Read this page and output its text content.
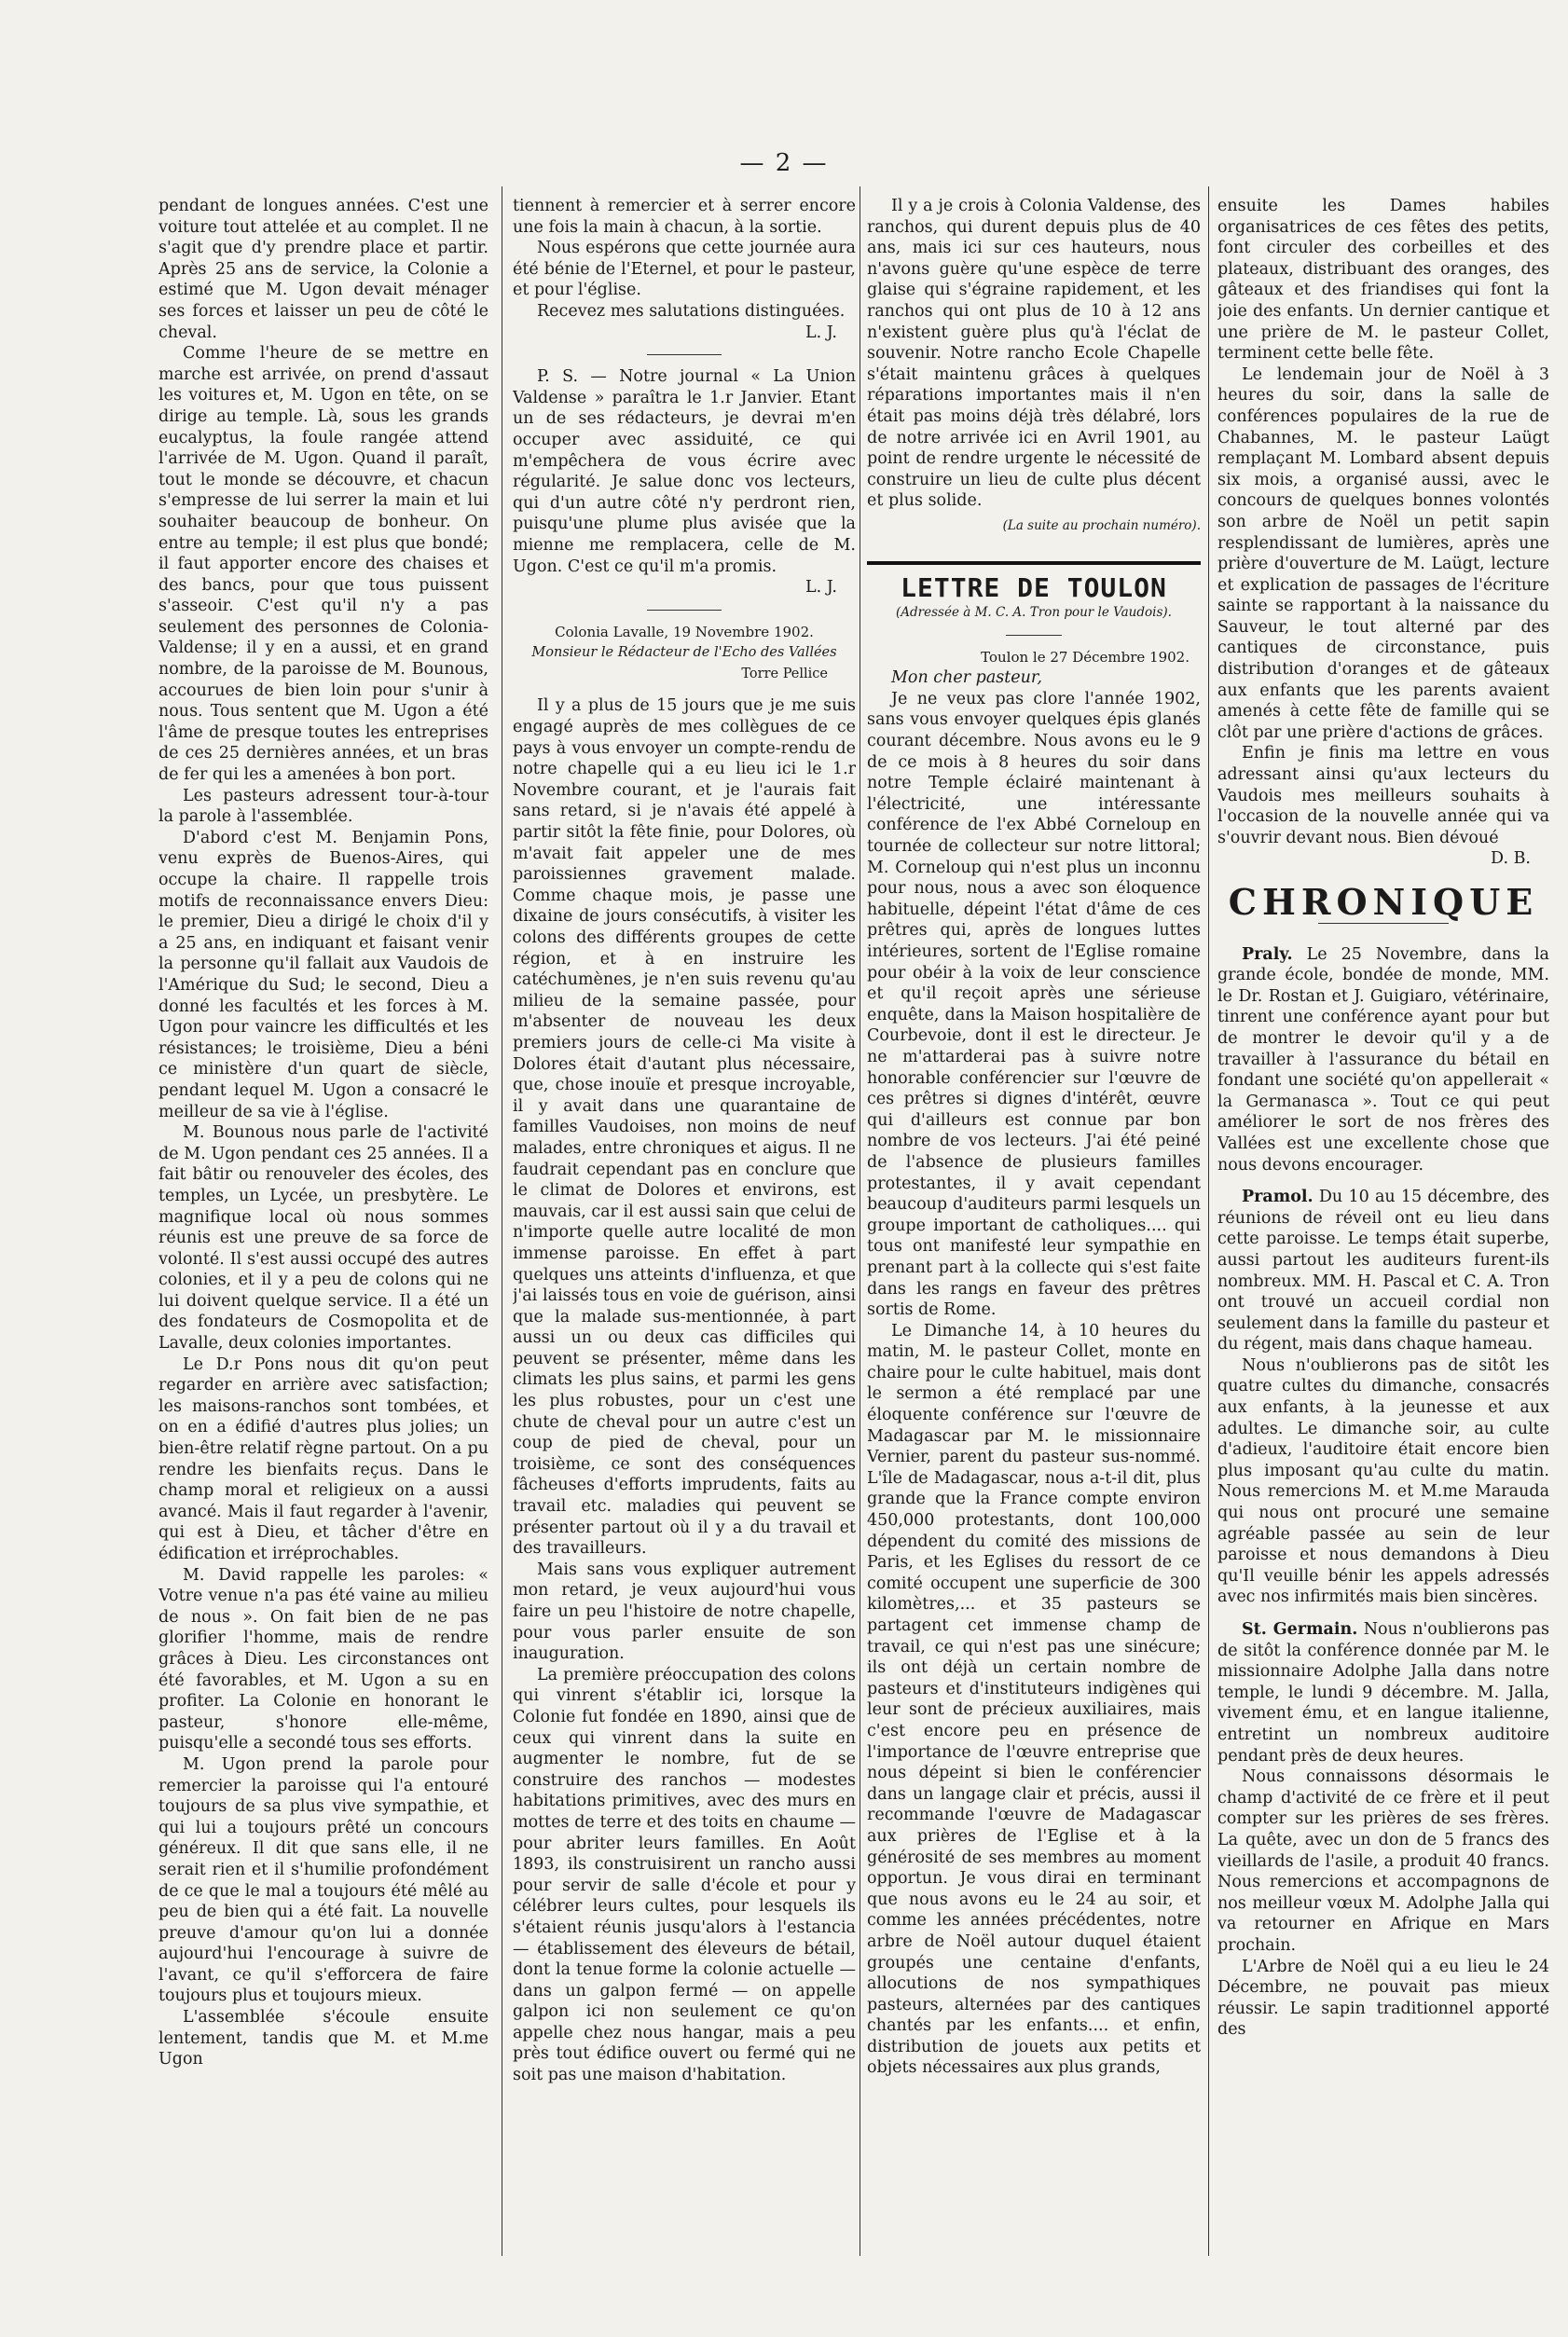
— 2 —

pendant de longues années. C'est une voiture tout attelée et au complet. Il ne s'agit que d'y prendre place et partir. Après 25 ans de service, la Colonie a estimé que M. Ugon devait ménager ses forces et laisser un peu de côté le cheval.

Comme l'heure de se mettre en marche est arrivée, on prend d'assaut les voitures et, M. Ugon en tête, on se dirige au temple. Là, sous les grands eucalyptus, la foule rangée attend l'arrivée de M. Ugon. Quand il paraît, tout le monde se découvre, et chacun s'empresse de lui serrer la main et lui souhaiter beaucoup de bonheur. On entre au temple; il est plus que bondé; il faut apporter encore des chaises et des bancs, pour que tous puissent s'asseoir. C'est qu'il n'y a pas seulement des personnes de Colonia-Valdense; il y en a aussi, et en grand nombre, de la paroisse de M. Bounous, accourues de bien loin pour s'unir à nous. Tous sentent que M. Ugon a été l'âme de presque toutes les entreprises de ces 25 dernières années, et un bras de fer qui les a amenées à bon port.

Les pasteurs adressent tour-à-tour la parole à l'assemblée.

D'abord c'est M. Benjamin Pons, venu exprès de Buenos-Aires, qui occupe la chaire. Il rappelle trois motifs de reconnaissance envers Dieu: le premier, Dieu a dirigé le choix d'il y a 25 ans, en indiquant et faisant venir la personne qu'il fallait aux Vaudois de l'Amérique du Sud; le second, Dieu a donné les facultés et les forces à M. Ugon pour vaincre les difficultés et les résistances; le troisième, Dieu a béni ce ministère d'un quart de siècle, pendant lequel M. Ugon a consacré le meilleur de sa vie à l'église.

M. Bounous nous parle de l'activité de M. Ugon pendant ces 25 années. Il a fait bâtir ou renouveler des écoles, des temples, un Lycée, un presbytère. Le magnifique local où nous sommes réunis est une preuve de sa force de volonté. Il s'est aussi occupé des autres colonies, et il y a peu de colons qui ne lui doivent quelque service. Il a été un des fondateurs de Cosmopolita et de Lavalle, deux colonies importantes.

Le D.r Pons nous dit qu'on peut regarder en arrière avec satisfaction; les maisons-ranchos sont tombées, et on en a édifié d'autres plus jolies; un bien-être relatif règne partout. On a pu rendre les bienfaits reçus. Dans le champ moral et religieux on a aussi avancé. Mais il faut regarder à l'avenir, qui est à Dieu, et tâcher d'être en édification et irréprochables.

M. David rappelle les paroles: « Votre venue n'a pas été vaine au milieu de nous ». On fait bien de ne pas glorifier l'homme, mais de rendre grâces à Dieu. Les circonstances ont été favorables, et M. Ugon a su en profiter. La Colonie en honorant le pasteur, s'honore elle-même, puisqu'elle a secondé tous ses efforts.

M. Ugon prend la parole pour remercier la paroisse qui l'a entouré toujours de sa plus vive sympathie, et qui lui a toujours prêté un concours généreux. Il dit que sans elle, il ne serait rien et il s'humilie profondément de ce que le mal a toujours été mêlé au peu de bien qui a été fait. La nouvelle preuve d'amour qu'on lui a donnée aujourd'hui l'encourage à suivre de l'avant, ce qu'il s'efforcera de faire toujours plus et toujours mieux.

L'assemblée s'écoule ensuite lentement, tandis que M. et M.me Ugon

tiennent à remercier et à serrer encore une fois la main à chacun, à la sortie.

Nous espérons que cette journée aura été bénie de l'Eternel, et pour le pasteur, et pour l'église.

Recevez mes salutations distinguées.

L. J.

P. S. — Notre journal « La Union Valdense » paraîtra le 1.r Janvier. Etant un de ses rédacteurs, je devrai m'en occuper avec assiduité, ce qui m'empêchera de vous écrire avec régularité. Je salue donc vos lecteurs, qui d'un autre côté n'y perdront rien, puisqu'une plume plus avisée que la mienne me remplacera, celle de M. Ugon. C'est ce qu'il m'a promis.

L. J.
Colonia Lavalle, 19 Novembre 1902.
Monsieur le Rédacteur de l'Echo des Vallées
Torre Pellice

Il y a plus de 15 jours que je me suis engagé auprès de mes collègues de ce pays à vous envoyer un compte-rendu de notre chapelle qui a eu lieu ici le 1.r Novembre courant, et je l'aurais fait sans retard, si je n'avais été appelé à partir sitôt la fête finie, pour Dolores, où m'avait fait appeler une de mes paroissiennes gravement malade. Comme chaque mois, je passe une dixaine de jours consécutifs, à visiter les colons des différents groupes de cette région, et à en instruire les catéchumènes, je n'en suis revenu qu'au milieu de la semaine passée, pour m'absenter de nouveau les deux premiers jours de celle-ci Ma visite à Dolores était d'autant plus nécessaire, que, chose inouïe et presque incroyable, il y avait dans une quarantaine de familles Vaudoises, non moins de neuf malades, entre chroniques et aigus. Il ne faudrait cependant pas en conclure que le climat de Dolores et environs, est mauvais, car il est aussi sain que celui de n'importe quelle autre localité de mon immense paroisse. En effet à part quelques uns atteints d'influenza, et que j'ai laissés tous en voie de guérison, ainsi que la malade sus-mentionnée, à part aussi un ou deux cas difficiles qui peuvent se présenter, même dans les climats les plus sains, et parmi les gens les plus robustes, pour un c'est une chute de cheval pour un autre c'est un coup de pied de cheval, pour un troisième, ce sont des conséquences fâcheuses d'efforts imprudents, faits au travail etc. maladies qui peuvent se présenter partout où il y a du travail et des travailleurs.

Mais sans vous expliquer autrement mon retard, je veux aujourd'hui vous faire un peu l'histoire de notre chapelle, pour vous parler ensuite de son inauguration.

La première préoccupation des colons qui vinrent s'établir ici, lorsque la Colonie fut fondée en 1890, ainsi que de ceux qui vinrent dans la suite en augmenter le nombre, fut de se construire des ranchos — modestes habitations primitives, avec des murs en mottes de terre et des toits en chaume — pour abriter leurs familles. En Août 1893, ils construisirent un rancho aussi pour servir de salle d'école et pour y célébrer leurs cultes, pour lesquels ils s'étaient réunis jusqu'alors à l'estancia — établissement des éleveurs de bétail, dont la tenue forme la colonie actuelle — dans un galpon fermé — on appelle galpon ici non seulement ce qu'on appelle chez nous hangar, mais a peu près tout édifice ouvert ou fermé qui ne soit pas une maison d'habitation.

Il y a je crois à Colonia Valdense, des ranchos, qui durent depuis plus de 40 ans, mais ici sur ces hauteurs, nous n'avons guère qu'une espèce de terre glaise qui s'égraine rapidement, et les ranchos qui ont plus de 10 à 12 ans n'existent guère plus qu'à l'éclat de souvenir. Notre rancho Ecole Chapelle s'était maintenu grâces à quelques réparations importantes mais il n'en était pas moins déjà très délabré, lors de notre arrivée ici en Avril 1901, au point de rendre urgente le nécessité de construire un lieu de culte plus décent et plus solide.

(La suite au prochain numéro).
LETTRE DE TOULON
(Adressée à M. C. A. Tron pour le Vaudois).
Toulon le 27 Décembre 1902.

Mon cher pasteur,

Je ne veux pas clore l'année 1902, sans vous envoyer quelques épis glanés courant décembre. Nous avons eu le 9 de ce mois à 8 heures du soir dans notre Temple éclairé maintenant à l'électricité, une intéressante conférence de l'ex Abbé Corneloup en tournée de collecteur sur notre littoral; M. Corneloup qui n'est plus un inconnu pour nous, nous a avec son éloquence habituelle, dépeint l'état d'âme de ces prêtres qui, après de longues luttes intérieures, sortent de l'Eglise romaine pour obéir à la voix de leur conscience et qu'il reçoit après une sérieuse enquête, dans la Maison hospitalière de Courbevoie, dont il est le directeur. Je ne m'attarderai pas à suivre notre honorable conférencier sur l'œuvre de ces prêtres si dignes d'intérêt, œuvre qui d'ailleurs est connue par bon nombre de vos lecteurs. J'ai été peiné de l'absence de plusieurs familles protestantes, il y avait cependant beaucoup d'auditeurs parmi lesquels un groupe important de catholiques.... qui tous ont manifesté leur sympathie en prenant part à la collecte qui s'est faite dans les rangs en faveur des prêtres sortis de Rome.

Le Dimanche 14, à 10 heures du matin, M. le pasteur Collet, monte en chaire pour le culte habituel, mais dont le sermon a été remplacé par une éloquente conférence sur l'œuvre de Madagascar par M. le missionnaire Vernier, parent du pasteur sus-nommé. L'île de Madagascar, nous a-t-il dit, plus grande que la France compte environ 450,000 protestants, dont 100,000 dépendent du comité des missions de Paris, et les Eglises du ressort de ce comité occupent une superficie de 300 kilomètres,... et 35 pasteurs se partagent cet immense champ de travail, ce qui n'est pas une sinécure; ils ont déjà un certain nombre de pasteurs et d'instituteurs indigènes qui leur sont de précieux auxiliaires, mais c'est encore peu en présence de l'importance de l'œuvre entreprise que nous dépeint si bien le conférencier dans un langage clair et précis, aussi il recommande l'œuvre de Madagascar aux prières de l'Eglise et à la générosité de ses membres au moment opportun. Je vous dirai en terminant que nous avons eu le 24 au soir, et comme les années précédentes, notre arbre de Noël autour duquel étaient groupés une centaine d'enfants, allocutions de nos sympathiques pasteurs, alternées par des cantiques chantés par les enfants.... et enfin, distribution de jouets aux petits et objets nécessaires aux plus grands,

ensuite les Dames habiles organisatrices de ces fêtes des petits, font circuler des corbeilles et des plateaux, distribuant des oranges, des gâteaux et des friandises qui font la joie des enfants. Un dernier cantique et une prière de M. le pasteur Collet, terminent cette belle fête.

Le lendemain jour de Noël à 3 heures du soir, dans la salle de conférences populaires de la rue de Chabannes, M. le pasteur Laügt remplaçant M. Lombard absent depuis six mois, a organisé aussi, avec le concours de quelques bonnes volontés son arbre de Noël un petit sapin resplendissant de lumières, après une prière d'ouverture de M. Laügt, lecture et explication de passages de l'écriture sainte se rapportant à la naissance du Sauveur, le tout alterné par des cantiques de circonstance, puis distribution d'oranges et de gâteaux aux enfants que les parents avaient amenés à cette fête de famille qui se clôt par une prière d'actions de grâces.

Enfin je finis ma lettre en vous adressant ainsi qu'aux lecteurs du Vaudois mes meilleurs souhaits à l'occasion de la nouvelle année qui va s'ouvrir devant nous. Bien dévoué

D. B.
CHRONIQUE

Praly. Le 25 Novembre, dans la grande école, bondée de monde, MM. le Dr. Rostan et J. Guigiaro, vétérinaire, tinrent une conférence ayant pour but de montrer le devoir qu'il y a de travailler à l'assurance du bétail en fondant une société qu'on appellerait « la Germanasca ». Tout ce qui peut améliorer le sort de nos frères des Vallées est une excellente chose que nous devons encourager.

Pramol. Du 10 au 15 décembre, des réunions de réveil ont eu lieu dans cette paroisse. Le temps était superbe, aussi partout les auditeurs furent-ils nombreux. MM. H. Pascal et C. A. Tron ont trouvé un accueil cordial non seulement dans la famille du pasteur et du régent, mais dans chaque hameau.

Nous n'oublierons pas de sitôt les quatre cultes du dimanche, consacrés aux enfants, à la jeunesse et aux adultes. Le dimanche soir, au culte d'adieux, l'auditoire était encore bien plus imposant qu'au culte du matin. Nous remercions M. et M.me Marauda qui nous ont procuré une semaine agréable passée au sein de leur paroisse et nous demandons à Dieu qu'Il veuille bénir les appels adressés avec nos infirmités mais bien sincères.

St. Germain. Nous n'oublierons pas de sitôt la conférence donnée par M. le missionnaire Adolphe Jalla dans notre temple, le lundi 9 décembre. M. Jalla, vivement ému, et en langue italienne, entretint un nombreux auditoire pendant près de deux heures.

Nous connaissons désormais le champ d'activité de ce frère et il peut compter sur les prières de ses frères. La quête, avec un don de 5 francs des vieillards de l'asile, a produit 40 francs. Nous remercions et accompagnons de nos meilleur vœux M. Adolphe Jalla qui va retourner en Afrique en Mars prochain.

L'Arbre de Noël qui a eu lieu le 24 Décembre, ne pouvait pas mieux réussir. Le sapin traditionnel apporté des
